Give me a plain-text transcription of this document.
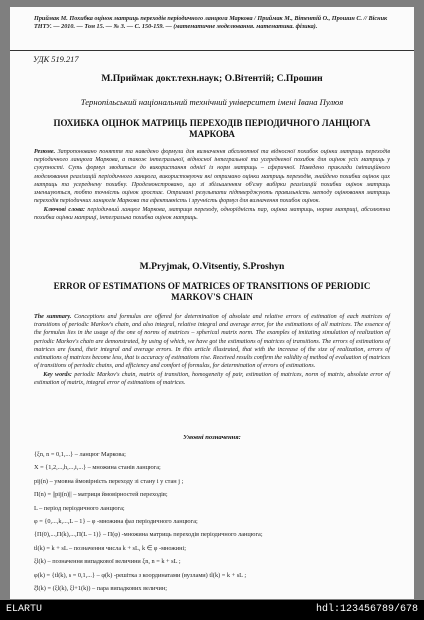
Приймак М. Похибка оцінок матриць переходів періодичного ланцюга Маркова / Приймак М., Вітентій О., Прошин С. // Вісник ТНТУ. — 2010. — Том 15. — № 3. — С. 150-159. — (математичне моделювання. математика. фізика).
УДК 519.217
М.Приймак докт.техн.наук; О.Вітентій; С.Прошин
Тернопільський національний технічний університет імені Івана Пулюя
ПОХИБКА ОЦІНОК МАТРИЦЬ ПЕРЕХОДІВ ПЕРІОДИЧНОГО ЛАНЦЮГА МАРКОВА
Резюме. Запропоновано поняття та наведено формули для визначення абсолютної та відносної похибок оцінки матриць переходів періодичного ланцюга Маркова, а також інтегральної, відносної інтегральної та усередненої похибок для оцінок усіх матриць у сукупності. Суть формул зводиться до використання однієї із норм матриць – сферичної. Наведено приклади імітаційного моделювання реалізацій періодичного ланцюга, використовуючи які отримано оцінки матриць переходів, знайдено похибки оцінок цих матриць та усереднену похибку. Продемонстровано, що зі збільшенням об'єму вибірки реалізацій похибки оцінок матриць зменшуються, тобто точність оцінок зростає. Отримані результати підтверджують правильність методу оцінювання матриць переходів періодичних ланцюгів Маркова та ефективність і зручність формул для визначення похибок оцінок.
Ключові слова: періодичний ланцюг Маркова, матриця переходу, однорідність пар, оцінка матриць, норма матриці, абсолютна похибка оцінки матриці, інтегральна похибка оцінок матриць.
M.Pryjmak, O.Vitsentiy, S.Proshyn
ERROR OF ESTIMATIONS OF MATRICES OF TRANSITIONS OF PERIODIC MARKOV'S CHAIN
The summary. Conceptions and formulas are offered for determination of absolute and relative errors of estimation of each matrices of transitions of periodic Markov's chain, and also integral, relative integral and average error, for the estimations of all matrices. The essence of the formulas lies in the usage of the one of norms of matrices – spherical matrix norm. The examples of imitating simulation of realization of periodic Markov's chain are demonstrated, by using of which, we have got the estimations of matrices of transitions. The errors of estimations of matrices are found, their integral and average errors. In this article illustrated, that with the increase of the size of realization, errors of estimations of matrices become less, that is accuracy of estimations rise. Received results confirm the validity of method of evaluation of matrices of transitions of periodic chains, and efficiency and comfort of formulas, for determination of errors of estimations.
Key words: periodic Markov's chain, matrix of transition, homogeneity of pair, estimation of matrices, norm of matrix, absolute error of estimation of matrix, integral error of estimations of matrices.
Умовні позначення:
{ξn, n = 0,1,...} – ланцюг Маркова;
X = {1,2,...,h,...,i,...} – множина станів ланцюга;
pij(n) – умовна ймовірність переходу зі стану i у стан j ;
Π(n) = ||pij(n)|| – матриця ймовірностей переходів;
L – період періодичного ланцюга;
φ = {0,...,k,...,L – 1} – φ -множина фаз періодичного ланцюга;
{Π(0),...,Π(k),...,Π(L – 1)} – Π(φ) -множина матриць переходів періодичного ланцюга;
tl(k) = k + sL – позначення числа k + sL, k ∈ φ -множині;
ξl(k) – позначення випадкової величини ξn, n = k + sL ;
φ(k) = {tl(k), s = 0,1,...} – φ(k) -решітка з координатами (вузлами) tl(k) = k + sL ;
ξ̄l(k) = (ξl(k), ξl+1(k)) – пара випадкових величин;
ELARTU	hdl:123456789/678
